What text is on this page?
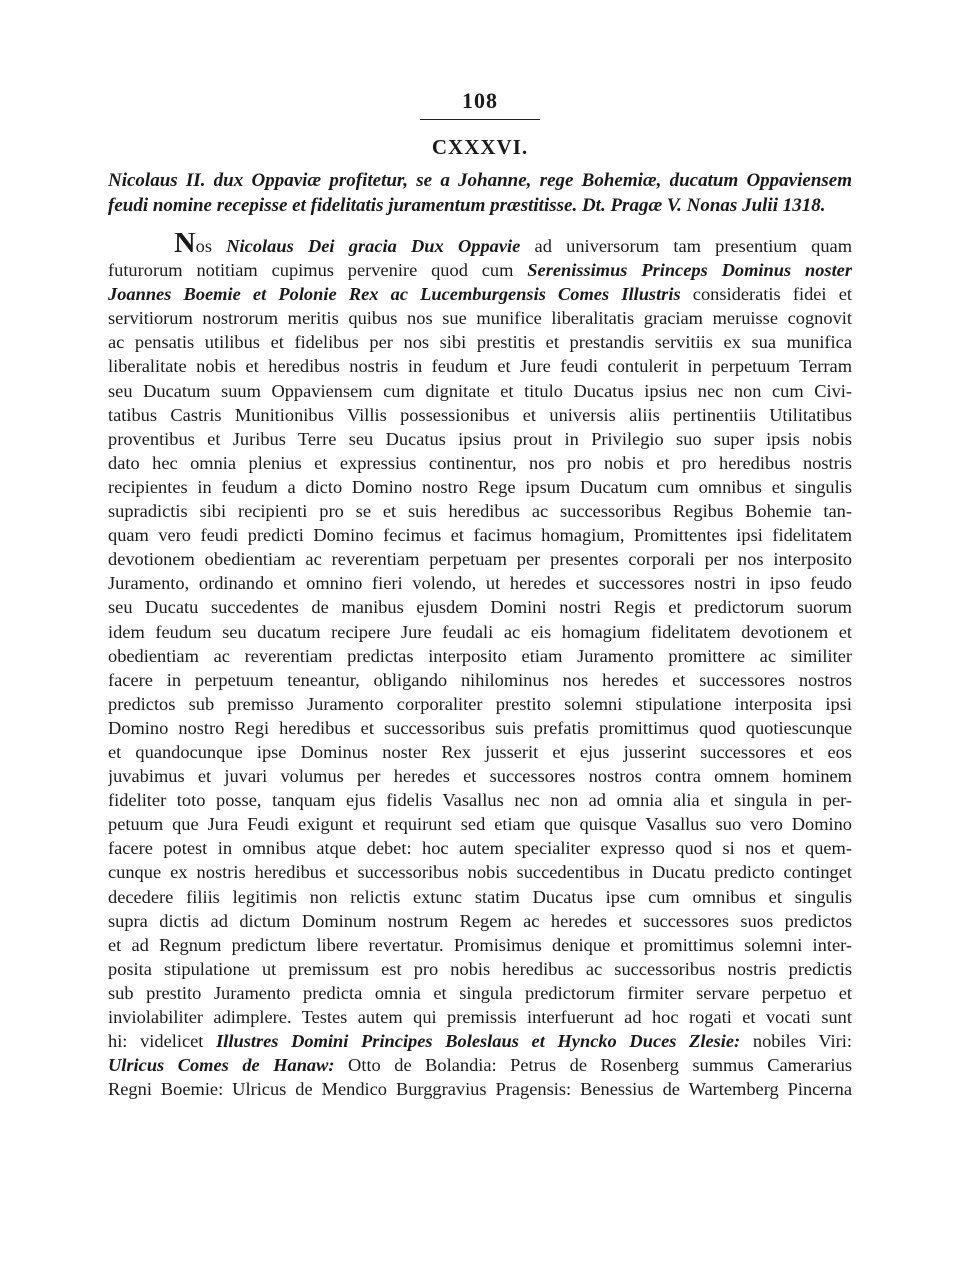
108
CXXXVI.
Nicolaus II. dux Oppaviæ profitetur, se a Johanne, rege Bohemiæ, ducatum Oppaviensem feudi nomine recepisse et fidelitatis juramentum præstitisse. Dt. Pragæ V. Nonas Julii 1318.
Nos Nicolaus Dei gracia Dux Oppavie ad universorum tam presentium quam
futurorum notitiam cupimus pervenire quod cum Serenissimus Princeps Dominus noster
Joannes Boemie et Polonie Rex ac Lucemburgensis Comes Illustris consideratis fidei et
servitiorum nostrorum meritis quibus nos sue munifice liberalitatis graciam meruisse cognovit
ac pensatis utilibus et fidelibus per nos sibi prestitis et prestandis servitiis ex sua munifica
liberalitate nobis et heredibus nostris in feudum et Jure feudi contulerit in perpetuum Terram
seu Ducatum suum Oppaviensem cum dignitate et titulo Ducatus ipsius nec non cum Civi-
tatibus Castris Munitionibus Villis possessionibus et universis aliis pertinentiis Utilitatibus
proventibus et Juribus Terre seu Ducatus ipsius prout in Privilegio suo super ipsis nobis
dato hec omnia plenius et expressius continentur, nos pro nobis et pro heredibus nostris
recipientes in feudum a dicto Domino nostro Rege ipsum Ducatum cum omnibus et singulis
supradictis sibi recipienti pro se et suis heredibus ac successoribus Regibus Bohemie tan-
quam vero feudi predicti Domino fecimus et facimus homagium, Promittentes ipsi fidelitatem
devotionem obedientiam ac reverentiam perpetuam per presentes corporali per nos interposito
Juramento, ordinando et omnino fieri volendo, ut heredes et successores nostri in ipso feudo
seu Ducatu succedentes de manibus ejusdem Domini nostri Regis et predictorum suorum
idem feudum seu ducatum recipere Jure feudali ac eis homagium fidelitatem devotionem et
obedientiam ac reverentiam predictas interposito etiam Juramento promittere ac similiter
facere in perpetuum teneantur, obligando nihilominus nos heredes et successores nostros
predictos sub premisso Juramento corporaliter prestito solemni stipulatione interposita ipsi
Domino nostro Regi heredibus et successoribus suis prefatis promittimus quod quotiescunque
et quandocunque ipse Dominus noster Rex jusserit et ejus jusserint successores et eos
juvabimus et juvari volumus per heredes et successores nostros contra omnem hominem
fideliter toto posse, tanquam ejus fidelis Vasallus nec non ad omnia alia et singula in per-
petuum que Jura Feudi exigunt et requirunt sed etiam que quisque Vasallus suo vero Domino
facere potest in omnibus atque debet: hoc autem specialiter expresso quod si nos et quem-
cunque ex nostris heredibus et successoribus nobis succedentibus in Ducatu predicto continget
decedere filiis legitimis non relictis extunc statim Ducatus ipse cum omnibus et singulis
supra dictis ad dictum Dominum nostrum Regem ac heredes et successores suos predictos
et ad Regnum predictum libere revertatur. Promisimus denique et promittimus solemni inter-
posita stipulatione ut premissum est pro nobis heredibus ac successoribus nostris predictis
sub prestito Juramento predicta omnia et singula predictorum firmiter servare perpetuo et
inviolabiliter adimplere. Testes autem qui premissis interfuerunt ad hoc rogati et vocati sunt
hi: videlicet Illustres Domini Principes Boleslaus et Hyncko Duces Zlesie: nobiles Viri:
Ulricus Comes de Hanaw: Otto de Bolandia: Petrus de Rosenberg summus Camerarius
Regni Boemie: Ulricus de Mendico Burggravius Pragensis: Benessius de Wartemberg Pincerna
